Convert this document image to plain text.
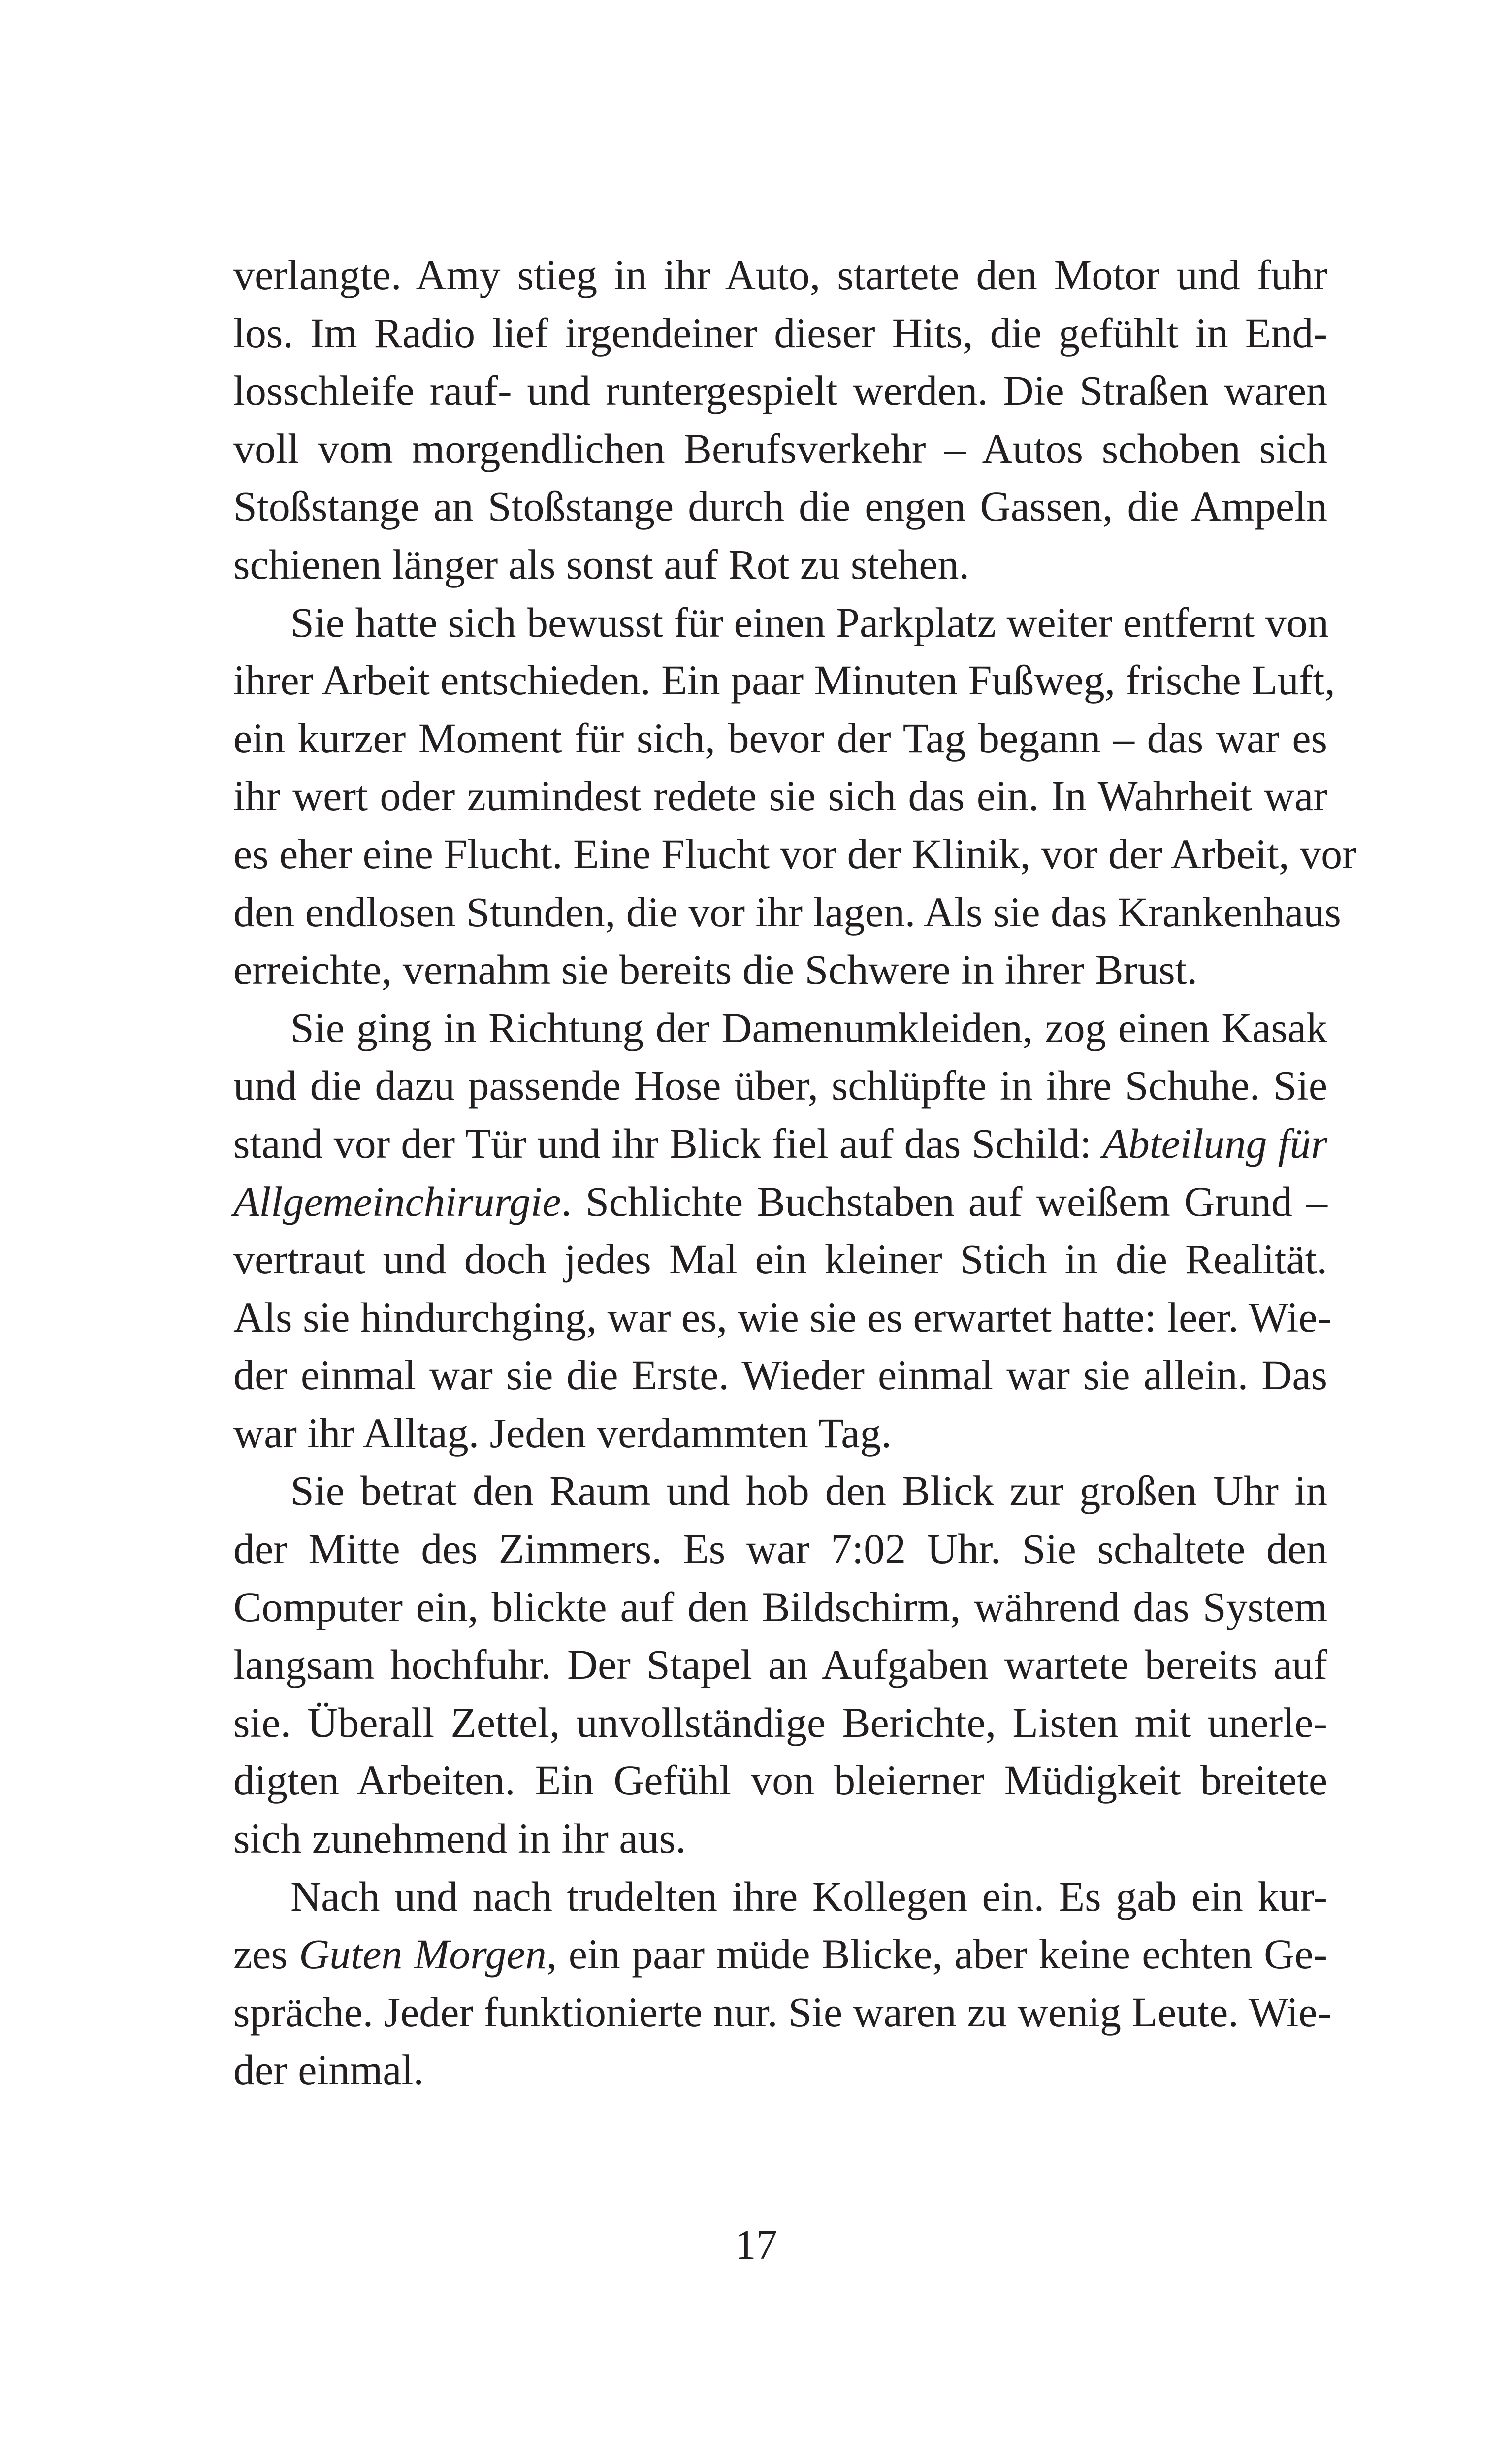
verlangte. Amy stieg in ihr Auto, startete den Motor und fuhr
los. Im Radio lief irgendeiner dieser Hits, die gefühlt in End-
losschleife rauf- und runtergespielt werden. Die Straßen waren
voll vom morgendlichen Berufsverkehr – Autos schoben sich
Stoßstange an Stoßstange durch die engen Gassen, die Ampeln
schienen länger als sonst auf Rot zu stehen.
Sie hatte sich bewusst für einen Parkplatz weiter entfernt von
ihrer Arbeit entschieden. Ein paar Minuten Fußweg, frische Luft,
ein kurzer Moment für sich, bevor der Tag begann – das war es
ihr wert oder zumindest redete sie sich das ein. In Wahrheit war
es eher eine Flucht. Eine Flucht vor der Klinik, vor der Arbeit, vor
den endlosen Stunden, die vor ihr lagen. Als sie das Krankenhaus
erreichte, vernahm sie bereits die Schwere in ihrer Brust.
Sie ging in Richtung der Damenumkleiden, zog einen Kasak
und die dazu passende Hose über, schlüpfte in ihre Schuhe. Sie
stand vor der Tür und ihr Blick fiel auf das Schild: Abteilung für
Allgemeinchirurgie. Schlichte Buchstaben auf weißem Grund –
vertraut und doch jedes Mal ein kleiner Stich in die Realität.
Als sie hindurchging, war es, wie sie es erwartet hatte: leer. Wie-
der einmal war sie die Erste. Wieder einmal war sie allein. Das
war ihr Alltag. Jeden verdammten Tag.
Sie betrat den Raum und hob den Blick zur großen Uhr in
der Mitte des Zimmers. Es war 7:02 Uhr. Sie schaltete den
Computer ein, blickte auf den Bildschirm, während das System
langsam hochfuhr. Der Stapel an Aufgaben wartete bereits auf
sie. Überall Zettel, unvollständige Berichte, Listen mit unerle-
digten Arbeiten. Ein Gefühl von bleierner Müdigkeit breitete
sich zunehmend in ihr aus.
Nach und nach trudelten ihre Kollegen ein. Es gab ein kur-
zes Guten Morgen, ein paar müde Blicke, aber keine echten Ge-
spräche. Jeder funktionierte nur. Sie waren zu wenig Leute. Wie-
der einmal.
17
